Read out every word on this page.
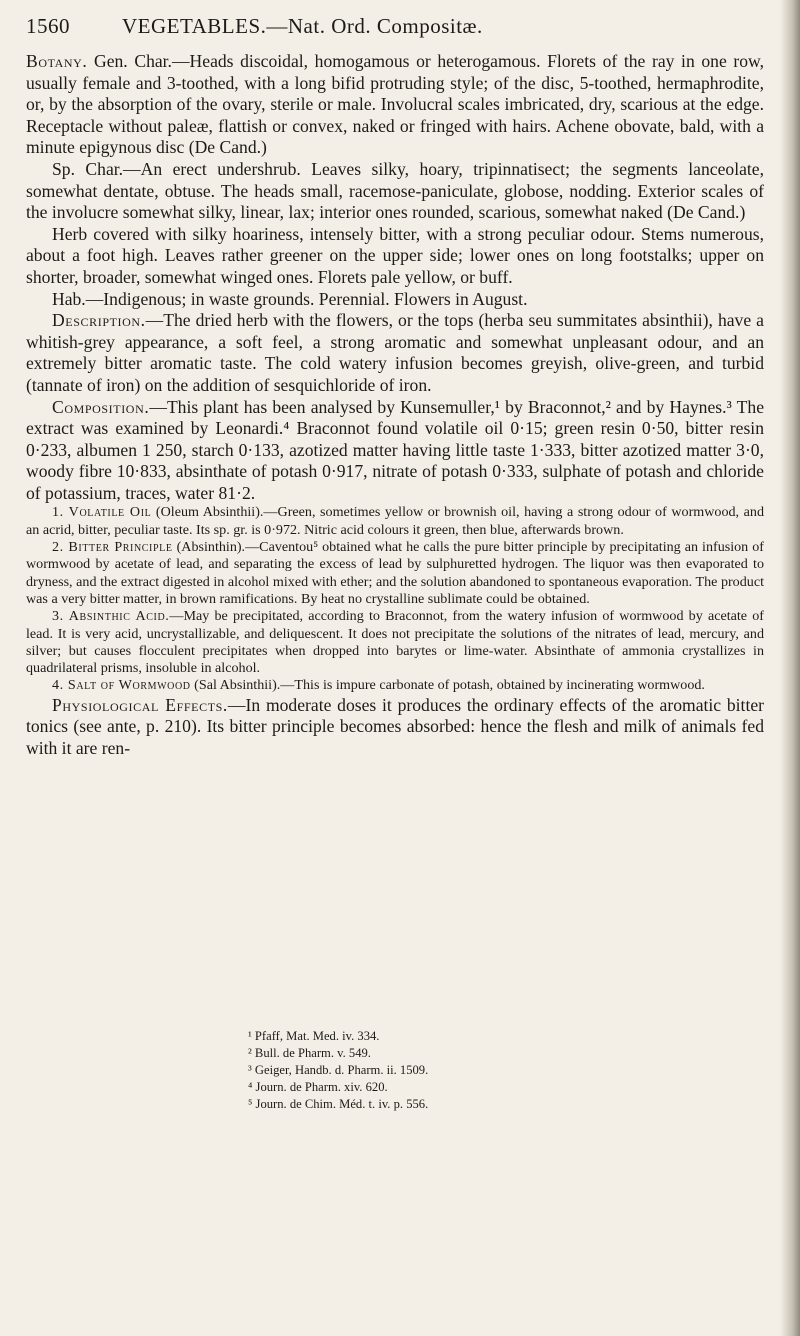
1560	VEGETABLES.—Nat. Ord. Compositæ.

Botany. Gen. Char.—Heads discoidal, homogamous or heterogamous. Florets of the ray in one row, usually female and 3-toothed, with a long bifid protruding style; of the disc, 5-toothed, hermaphrodite, or, by the absorption of the ovary, sterile or male. Involucral scales imbricated, dry, scarious at the edge. Receptacle without paleæ, flattish or convex, naked or fringed with hairs. Achene obovate, bald, with a minute epigynous disc (De Cand.)

Sp. Char.—An erect undershrub. Leaves silky, hoary, tripinnatisect; the segments lanceolate, somewhat dentate, obtuse. The heads small, racemose-paniculate, globose, nodding. Exterior scales of the involucre somewhat silky, linear, lax; interior ones rounded, scarious, somewhat naked (De Cand.)

Herb covered with silky hoariness, intensely bitter, with a strong peculiar odour. Stems numerous, about a foot high. Leaves rather greener on the upper side; lower ones on long footstalks; upper on shorter, broader, somewhat winged ones. Florets pale yellow, or buff.

Hab.—Indigenous; in waste grounds. Perennial. Flowers in August.

Description.—The dried herb with the flowers, or the tops (herba seu summitates absinthii), have a whitish-grey appearance, a soft feel, a strong aromatic and somewhat unpleasant odour, and an extremely bitter aromatic taste. The cold watery infusion becomes greyish, olive-green, and turbid (tannate of iron) on the addition of sesquichloride of iron.

Composition.—This plant has been analysed by Kunsemuller,¹ by Braconnot,² and by Haynes.³ The extract was examined by Leonardi.⁴ Braconnot found volatile oil 0·15; green resin 0·50, bitter resin 0·233, albumen 1 250, starch 0·133, azotized matter having little taste 1·333, bitter azotized matter 3·0, woody fibre 10·833, absinthate of potash 0·917, nitrate of potash 0·333, sulphate of potash and chloride of potassium, traces, water 81·2.

1. Volatile Oil (Oleum Absinthii).—Green, sometimes yellow or brownish oil, having a strong odour of wormwood, and an acrid, bitter, peculiar taste. Its sp. gr. is 0·972. Nitric acid colours it green, then blue, afterwards brown.

2. Bitter Principle (Absinthin).—Caventou⁵ obtained what he calls the pure bitter principle by precipitating an infusion of wormwood by acetate of lead, and separating the excess of lead by sulphuretted hydrogen. The liquor was then evaporated to dryness, and the extract digested in alcohol mixed with ether; and the solution abandoned to spontaneous evaporation. The product was a very bitter matter, in brown ramifications. By heat no crystalline sublimate could be obtained.

3. Absinthic Acid.—May be precipitated, according to Braconnot, from the watery infusion of wormwood by acetate of lead. It is very acid, uncrystallizable, and deliquescent. It does not precipitate the solutions of the nitrates of lead, mercury, and silver; but causes flocculent precipitates when dropped into barytes or lime-water. Absinthate of ammonia crystallizes in quadrilateral prisms, insoluble in alcohol.

4. Salt of Wormwood (Sal Absinthii).—This is impure carbonate of potash, obtained by incinerating wormwood.

Physiological Effects.—In moderate doses it produces the ordinary effects of the aromatic bitter tonics (see ante, p. 210). Its bitter principle becomes absorbed: hence the flesh and milk of animals fed with it are ren-

¹ Pfaff, Mat. Med. iv. 334.
² Bull. de Pharm. v. 549.
³ Geiger, Handb. d. Pharm. ii. 1509.
⁴ Journ. de Pharm. xiv. 620.
⁵ Journ. de Chim. Méd. t. iv. p. 556.
